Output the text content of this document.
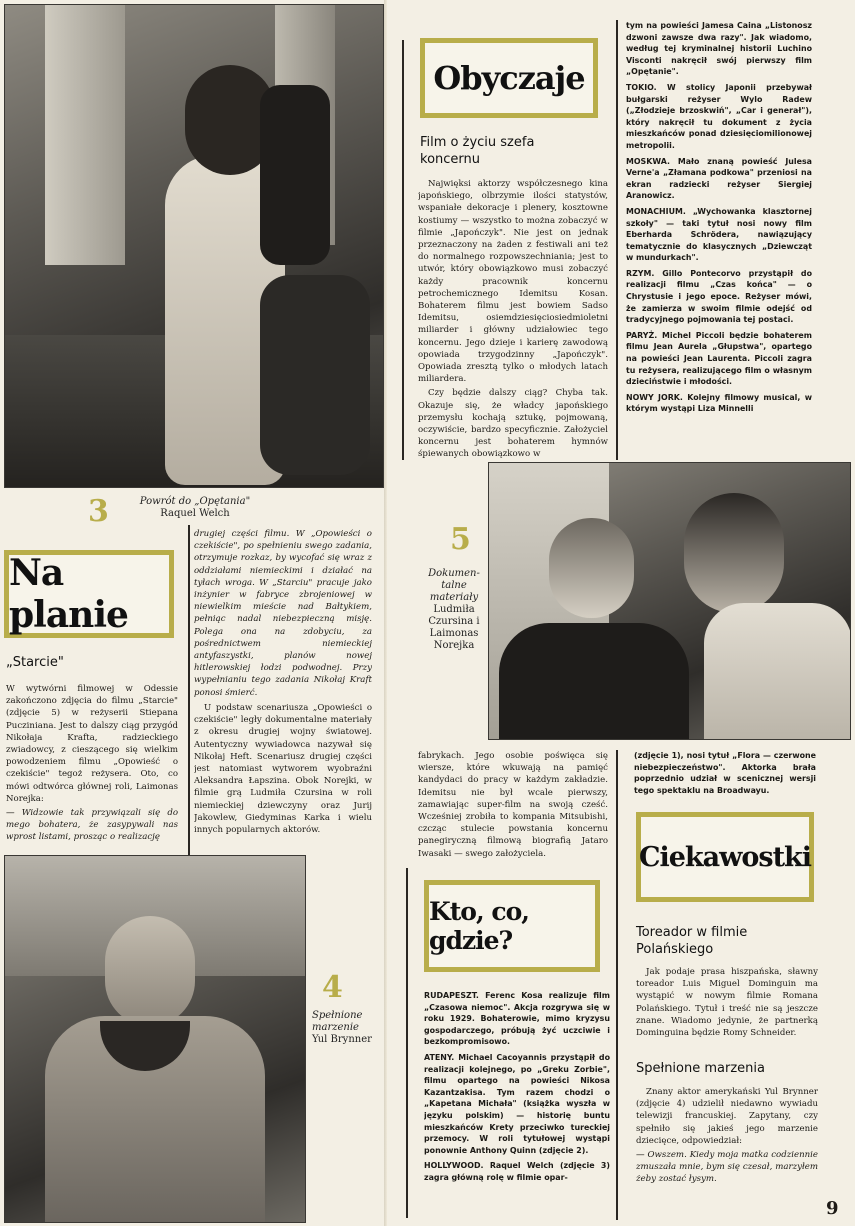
3	Powrót do „Opętania"
Raquel Welch
Na planie
„Starcie"

W wytwórni filmowej w Odessie zakończono zdjęcia do filmu „Starcie" (zdjęcie 5) w reżyserii Stiepana Pucziniana. Jest to dalszy ciąg przygód Nikołaja Krafta, radzieckiego zwiadowcy, z cieszącego się wielkim powodzeniem filmu „Opowieść o czekiście" tegoż reżysera. Oto, co mówi odtwórca głównej roli, Laimonas Norejka:

— Widzowie tak przywiązali się do mego bohatera, że zasypywali nas wprost listami, prosząc o realizację

drugiej części filmu. W „Opowieści o czekiście", po spełnieniu swego zadania, otrzymuje rozkaz, by wycofać się wraz z oddziałami niemieckimi i działać na tyłach wroga. W „Starciu" pracuje jako inżynier w fabryce zbrojeniowej w niewielkim mieście nad Bałtykiem, pełniąc nadal niebezpieczną misję. Polega ona na zdobyciu, za pośrednictwem niemieckiej antyfaszystki, planów nowej hitlerowskiej łodzi podwodnej. Przy wypełnianiu tego zadania Nikołaj Kraft ponosi śmierć.

U podstaw scenariusza „Opowieści o czekiście" legły dokumentalne materiały z okresu drugiej wojny światowej. Autentyczny wywiadowca nazywał się Nikołaj Heft. Scenariusz drugiej części jest natomiast wytworem wyobraźni Aleksandra Łapszina. Obok Norejki, w filmie grą Ludmiła Czursina w roli niemieckiej dziewczyny oraz Jurij Jakowlew, Giedyminas Karka i wielu innych popularnych aktorów.

4
Spełnione marzenie
Yul Brynner
Obyczaje
Film o życiu szefa koncernu

Najwięksi aktorzy współczesnego kina japońskiego, olbrzymie ilości statystów, wspaniałe dekoracje i plenery, kosztowne kostiumy — wszystko to można zobaczyć w filmie „Japończyk". Nie jest on jednak przeznaczony na żaden z festiwali ani też do normalnego rozpowszechniania; jest to utwór, który obowiązkowo musi zobaczyć każdy pracownik koncernu petrochemicznego Idemitsu Kosan. Bohaterem filmu jest bowiem Sadso Idemitsu, osiemdziesięciosiedmioletni miliarder i główny udziałowiec tego koncernu. Jego dzieje i karierę zawodową opowiada trzygodzinny „Japończyk". Opowiada zresztą tylko o młodych latach miliardera.

Czy będzie dalszy ciąg? Chyba tak. Okazuje się, że władcy japońskiego przemysłu kochają sztukę, pojmowaną, oczywiście, bardzo specyficznie. Założyciel koncernu jest bohaterem hymnów śpiewanych obowiązkowo w

tym na powieści Jamesa Caina „Listonosz dzwoni zawsze dwa razy". Jak wiadomo, według tej kryminalnej historii Luchino Visconti nakręcił swój pierwszy film „Opętanie".

TOKIO. W stolicy Japonii przebywał bułgarski reżyser Wylo Radew („Złodzieje brzoskwiń", „Car i generał"), który nakręcił tu dokument z życia mieszkańców ponad dziesięciomilionowej metropolii.

MOSKWA. Mało znaną powieść Julesa Verne'a „Złamana podkowa" przeniosi na ekran radziecki reżyser Siergiej Aranowicz.

MONACHIUM. „Wychowanka klasztornej szkoły" — taki tytuł nosi nowy film Eberharda Schrödera, nawiązujący tematycznie do klasycznych „Dziewcząt w mundurkach".

RZYM. Gillo Pontecorvo przystąpił do realizacji filmu „Czas końca" — o Chrystusie i jego epoce. Reżyser mówi, że zamierza w swoim filmie odejść od tradycyjnego pojmowania tej postaci.

PARYŻ. Michel Piccoli będzie bohaterem filmu Jean Aurela „Głupstwa", opartego na powieści Jean Laurenta. Piccoli zagra tu reżysera, realizującego film o własnym dzieciństwie i młodości.

NOWY JORK. Kolejny filmowy musical, w którym wystąpi Liza Minnelli

5
Dokumen- talne materiały
Ludmiła Czursina i Laimonas Norejka

fabrykach. Jego osobie poświęca się wiersze, które wkuwają na pamięć kandydaci do pracy w każdym zakładzie. Idemitsu nie był wcale pierwszy, zamawiając super-film na swoją cześć. Wcześniej zrobiła to kompania Mitsubishi, czcząc stulecie powstania koncernu panegiryczną filmową biografią Jataro Iwasaki — swego założyciela.

(zdjęcie 1), nosi tytuł „Flora — czerwone niebezpieczeństwo". Aktorka brała poprzednio udział w scenicznej wersji tego spektaklu na Broadwayu.

Kto, co, gdzie?

RUDAPESZT. Ferenc Kosa realizuje film „Czasowa niemoc". Akcja rozgrywa się w roku 1929. Bohaterowie, mimo kryzysu gospodarczego, próbują żyć uczciwie i bezkompromisowo.

ATENY. Michael Cacoyannis przystąpił do realizacji kolejnego, po „Greku Zorbie", filmu opartego na powieści Nikosa Kazantzakisa. Tym razem chodzi o „Kapetana Michała" (książka wyszła w języku polskim) — historię buntu mieszkańców Krety przeciwko tureckiej przemocy. W roli tytułowej wystąpi ponownie Anthony Quinn (zdjęcie 2).

HOLLYWOOD. Raquel Welch (zdjęcie 3) zagra główną rolę w filmie opar-

Ciekawostki
Toreador w filmie Polańskiego

Jak podaje prasa hiszpańska, sławny toreador Luis Miguel Dominguin ma wystąpić w nowym filmie Romana Polańskiego. Tytuł i treść nie są jeszcze znane. Wiadomo jedynie, że partnerką Dominguina będzie Romy Schneider.

Spełnione marzenia

Znany aktor amerykański Yul Brynner (zdjęcie 4) udzielił niedawno wywiadu telewizji francuskiej. Zapytany, czy spełniło się jakieś jego marzenie dziecięce, odpowiedział:

— Owszem. Kiedy moja matka codziennie zmuszała mnie, bym się czesał, marzyłem żeby zostać łysym.

9
